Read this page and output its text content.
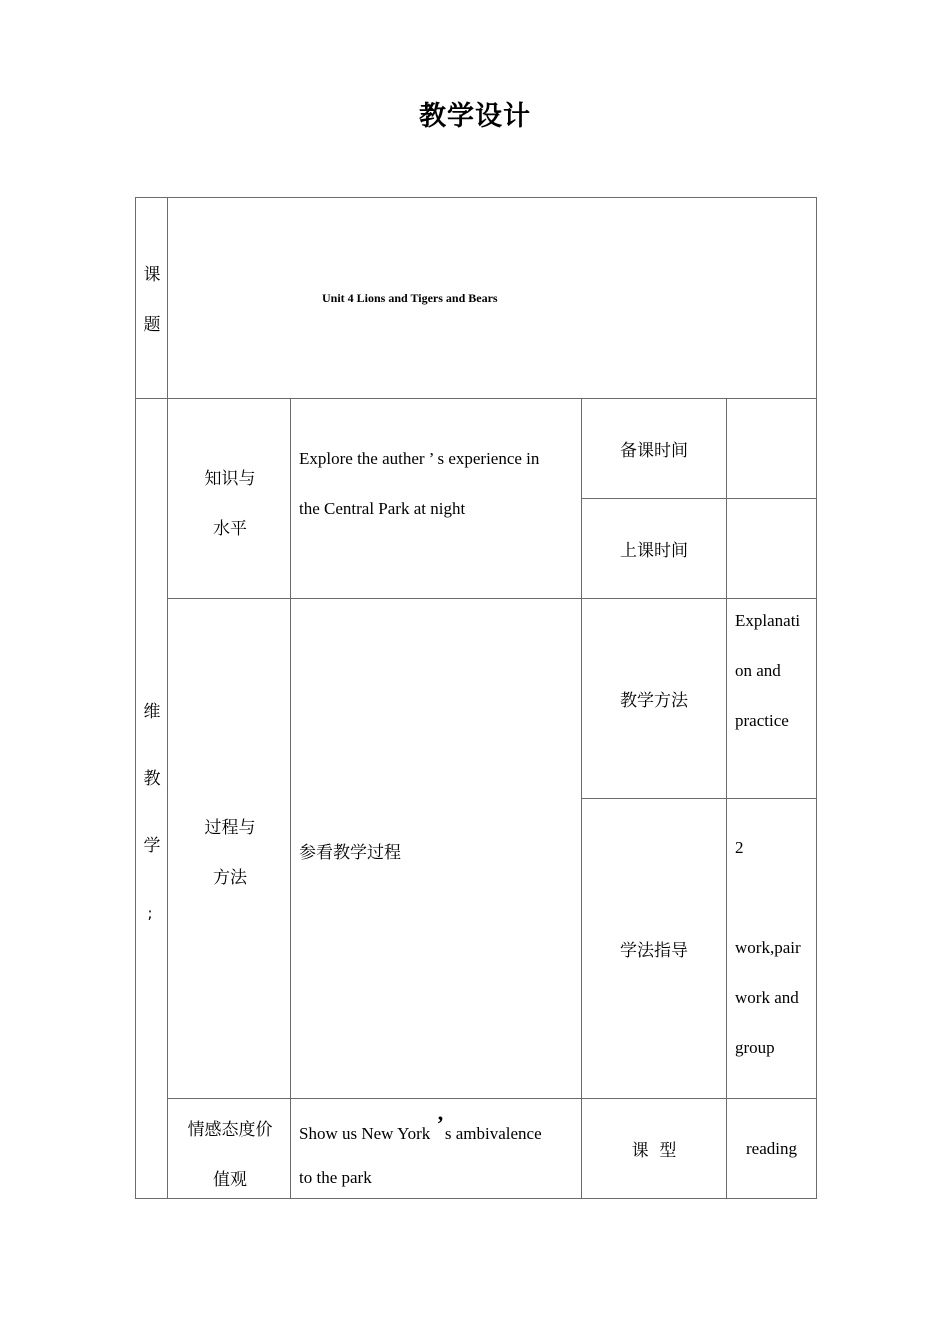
教学设计
课
题
Unit 4 Lions and Tigers and Bears
维
教
学
;
知识与
水平
Explore the auther ’ s experience in
the Central Park at night
备课时间
上课时间
过程与
方法
参看教学过程
教学方法
Explanati
on and
practice
学法指导
2
work,pair
work and
group
情感态度价
值观
Show us New York ’s ambivalence
to the park
课  型	reading
